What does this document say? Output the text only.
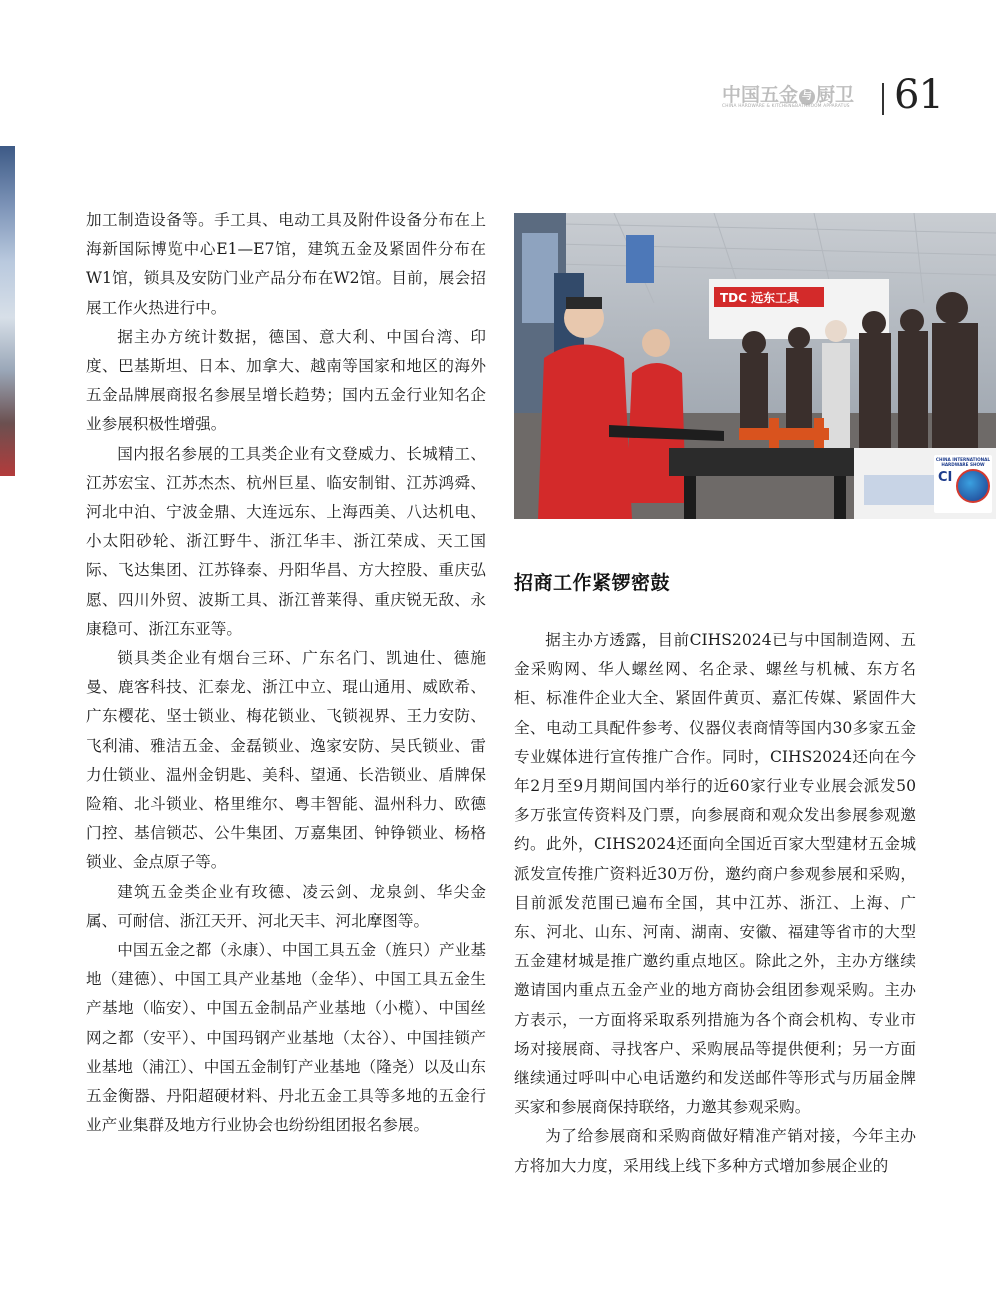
中国五金 与 厨卫
CHINA HARDWARE & KITCHEN&BATHROOM APPARATUS 61

加工制造设备等。手工具、电动工具及附件设备分布在上海新国际博览中心E1—E7馆，建筑五金及紧固件分布在W1馆，锁具及安防门业产品分布在W2馆。目前，展会招展工作火热进行中。

据主办方统计数据，德国、意大利、中国台湾、印度、巴基斯坦、日本、加拿大、越南等国家和地区的海外五金品牌展商报名参展呈增长趋势；国内五金行业知名企业参展积极性增强。

国内报名参展的工具类企业有文登威力、长城精工、江苏宏宝、江苏杰杰、杭州巨星、临安制钳、江苏鸿舜、河北中泊、宁波金鼎、大连远东、上海西美、八达机电、小太阳砂轮、浙江野牛、浙江华丰、浙江荣成、天工国际、飞达集团、江苏锋泰、丹阳华昌、方大控股、重庆弘愿、四川外贸、波斯工具、浙江普莱得、重庆锐无敌、永康稳可、浙江东亚等。

锁具类企业有烟台三环、广东名门、凯迪仕、德施曼、鹿客科技、汇泰龙、浙江中立、琨山通用、威欧希、广东樱花、坚士锁业、梅花锁业、飞锁视界、王力安防、飞利浦、雅洁五金、金磊锁业、逸家安防、吴氏锁业、雷力仕锁业、温州金钥匙、美科、望通、长浩锁业、盾牌保险箱、北斗锁业、格里维尔、粤丰智能、温州科力、欧德门控、基信锁芯、公牛集团、万嘉集团、钟铮锁业、杨格锁业、金点原子等。

建筑五金类企业有玫德、凌云剑、龙泉剑、华尖金属、可耐信、浙江天开、河北天丰、河北摩图等。

中国五金之都（永康）、中国工具五金（旌只）产业基地（建德）、中国工具产业基地（金华）、中国工具五金生产基地（临安）、中国五金制品产业基地（小榄）、中国丝网之都（安平）、中国玛钢产业基地（太谷）、中国挂锁产业基地（浦江）、中国五金制钉产业基地（隆尧）以及山东五金衡器、丹阳超硬材料、丹北五金工具等多地的五金行业产业集群及地方行业协会也纷纷组团报名参展。

TDC 远东工具
CHINA INTERNATIONAL HARDWARE SHOW
CI
招商工作紧锣密鼓

据主办方透露，目前CIHS2024已与中国制造网、五金采购网、华人螺丝网、名企录、螺丝与机械、东方名柜、标准件企业大全、紧固件黄页、嘉汇传媒、紧固件大全、电动工具配件参考、仪器仪表商情等国内30多家五金专业媒体进行宣传推广合作。同时，CIHS2024还向在今年2月至9月期间国内举行的近60家行业专业展会派发50多万张宣传资料及门票，向参展商和观众发出参展参观邀约。此外，CIHS2024还面向全国近百家大型建材五金城派发宣传推广资料近30万份，邀约商户参观参展和采购，目前派发范围已遍布全国，其中江苏、浙江、上海、广东、河北、山东、河南、湖南、安徽、福建等省市的大型五金建材城是推广邀约重点地区。除此之外，主办方继续邀请国内重点五金产业的地方商协会组团参观采购。主办方表示，一方面将采取系列措施为各个商会机构、专业市场对接展商、寻找客户、采购展品等提供便利；另一方面继续通过呼叫中心电话邀约和发送邮件等形式与历届金牌买家和参展商保持联络，力邀其参观采购。

为了给参展商和采购商做好精准产销对接，今年主办方将加大力度，采用线上线下多种方式增加参展企业的
